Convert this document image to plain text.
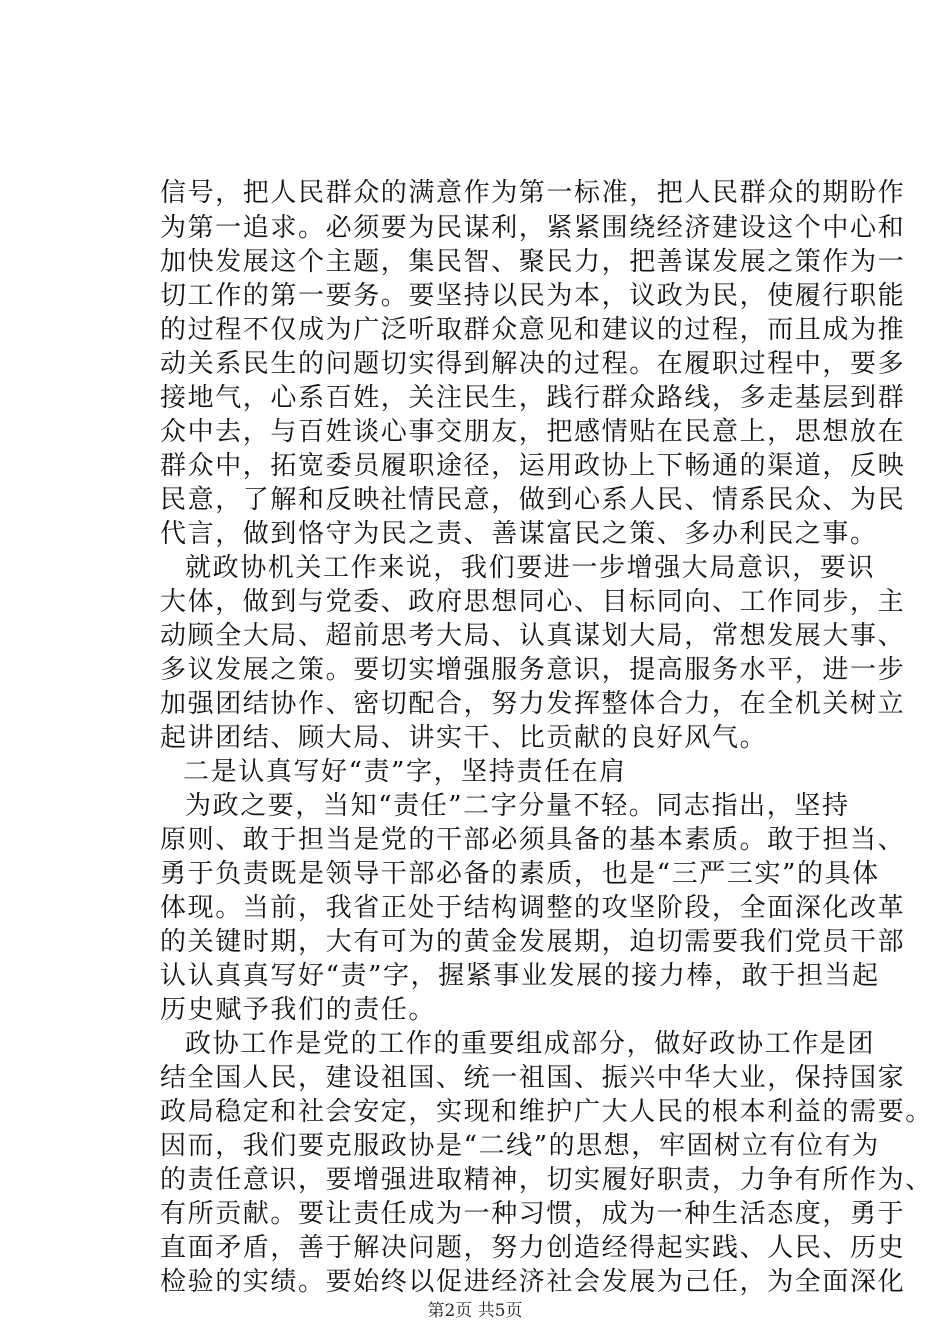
信号，把人民群众的满意作为第一标准，把人民群众的期盼作
为第一追求。必须要为民谋利，紧紧围绕经济建设这个中心和
加快发展这个主题，集民智、聚民力，把善谋发展之策作为一
切工作的第一要务。要坚持以民为本，议政为民，使履行职能
的过程不仅成为广泛听取群众意见和建议的过程，而且成为推
动关系民生的问题切实得到解决的过程。在履职过程中，要多
接地气，心系百姓，关注民生，践行群众路线，多走基层到群
众中去，与百姓谈心事交朋友，把感情贴在民意上，思想放在
群众中，拓宽委员履职途径，运用政协上下畅通的渠道，反映
民意，了解和反映社情民意，做到心系人民、情系民众、为民
代言，做到恪守为民之责、善谋富民之策、多办利民之事。
就政协机关工作来说，我们要进一步增强大局意识，要识
大体，做到与党委、政府思想同心、目标同向、工作同步，主
动顾全大局、超前思考大局、认真谋划大局，常想发展大事、
多议发展之策。要切实增强服务意识，提高服务水平，进一步
加强团结协作、密切配合，努力发挥整体合力，在全机关树立
起讲团结、顾大局、讲实干、比贡献的良好风气。
二是认真写好“责”字，坚持责任在肩
为政之要，当知“责任”二字分量不轻。同志指出，坚持
原则、敢于担当是党的干部必须具备的基本素质。敢于担当、
勇于负责既是领导干部必备的素质，也是“三严三实”的具体
体现。当前，我省正处于结构调整的攻坚阶段，全面深化改革
的关键时期，大有可为的黄金发展期，迫切需要我们党员干部
认认真真写好“责”字，握紧事业发展的接力棒，敢于担当起
历史赋予我们的责任。
政协工作是党的工作的重要组成部分，做好政协工作是团
结全国人民，建设祖国、统一祖国、振兴中华大业，保持国家
政局稳定和社会安定，实现和维护广大人民的根本利益的需要。
因而，我们要克服政协是“二线”的思想，牢固树立有位有为
的责任意识，要增强进取精神，切实履好职责，力争有所作为、
有所贡献。要让责任成为一种习惯，成为一种生活态度，勇于
直面矛盾，善于解决问题，努力创造经得起实践、人民、历史
第2页 共5页
检验的实绩。要始终以促进经济社会发展为己任，为全面深化
